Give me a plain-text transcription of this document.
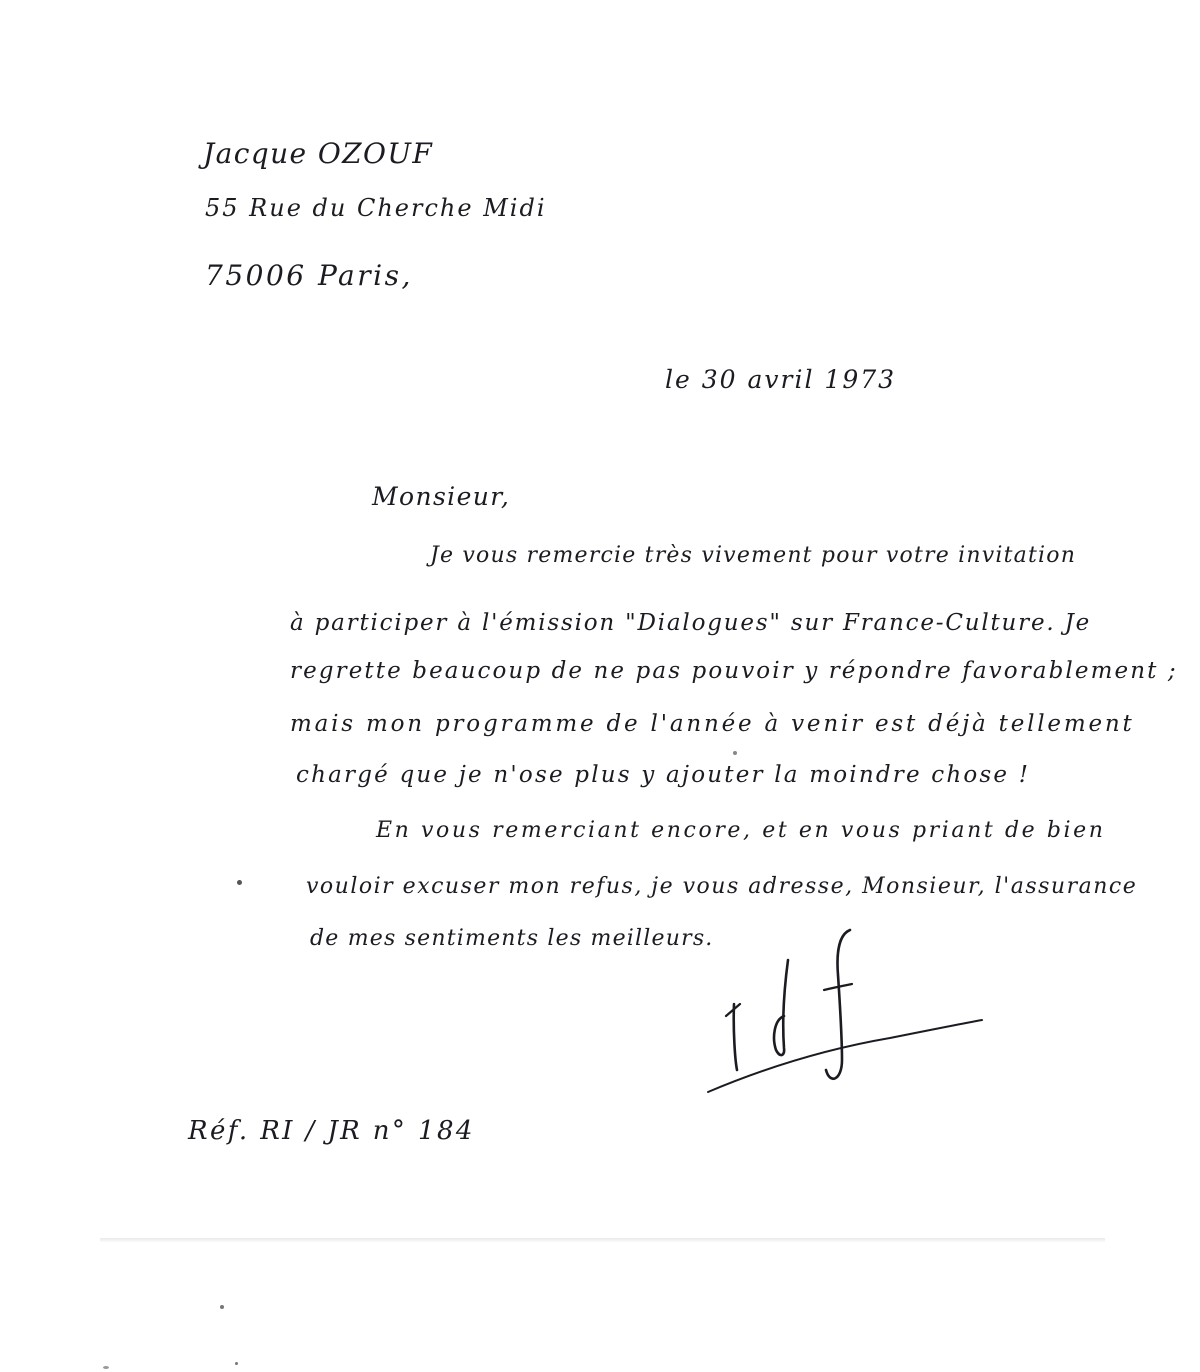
Jacque OZOUF
55 Rue du Cherche Midi
75006 Paris,
le 30 avril 1973
Monsieur,
Je vous remercie très vivement pour votre invitation
à participer à l'émission "Dialogues" sur France-Culture. Je
regrette beaucoup de ne pas pouvoir y répondre favorablement ;
mais mon programme de l'année à venir est déjà tellement
chargé que je n'ose plus y ajouter la moindre chose !
En vous remerciant encore, et en vous priant de bien
vouloir excuser mon refus, je vous adresse, Monsieur, l'assurance
de mes sentiments les meilleurs.
Réf. RI / JR n° 184
